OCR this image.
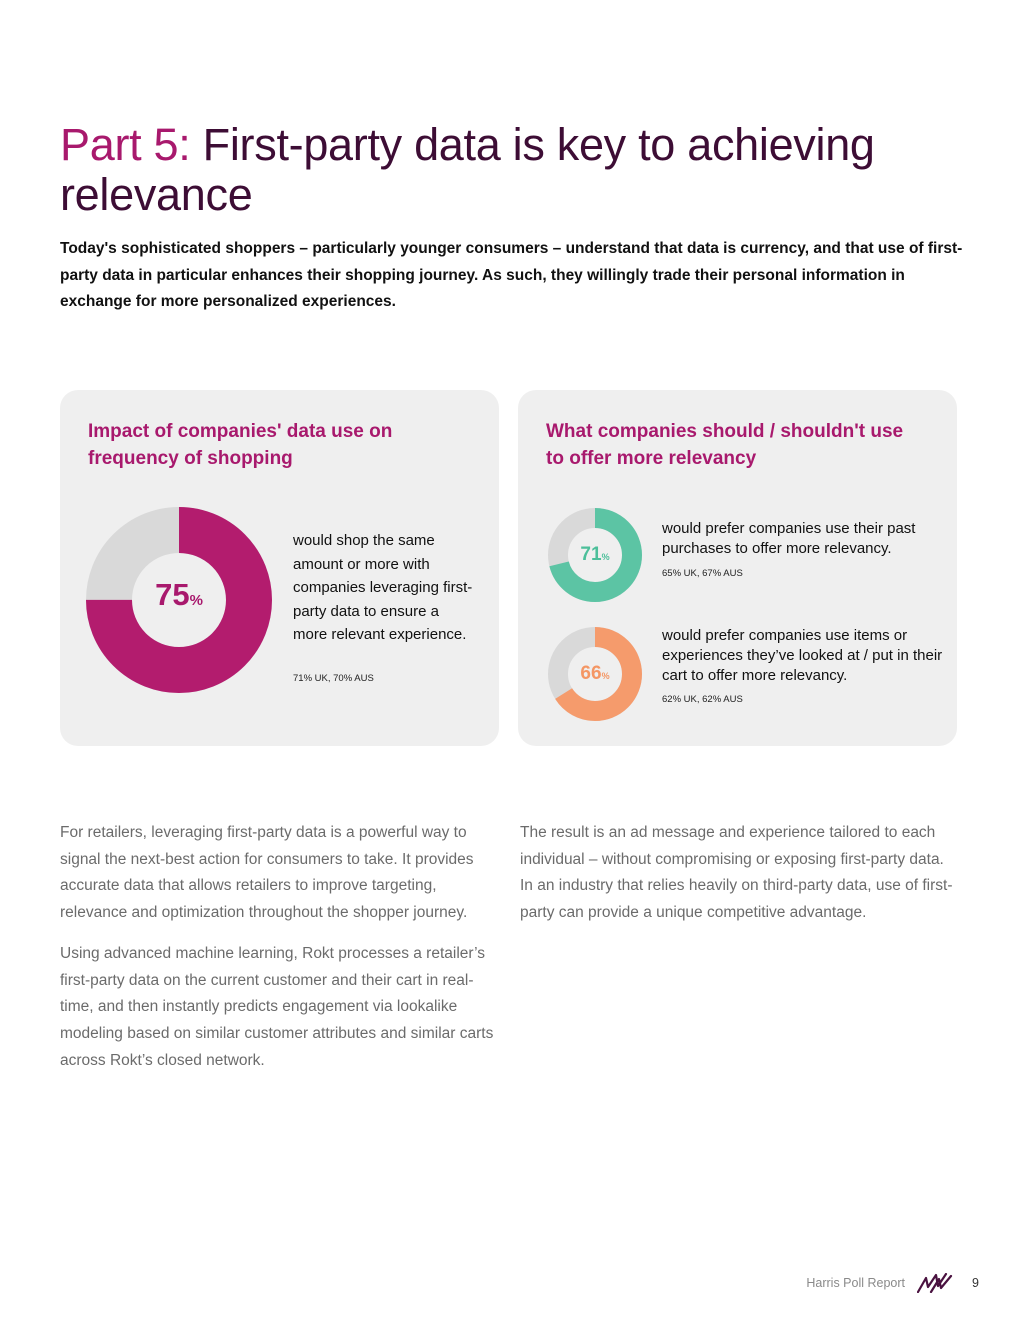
Part 5: First-party data is key to achieving relevance

Today's sophisticated shoppers – particularly younger consumers – understand that data is currency, and that use of first-party data in particular enhances their shopping journey. As such, they willingly trade their personal information in exchange for more personalized experiences.

Impact of companies' data use on frequency of shopping
75%

would shop the same amount or more with companies leveraging first-party data to ensure a more relevant experience.

71% UK, 70% AUS
What companies should / shouldn't use to offer more relevancy
71%

would prefer companies use their past purchases to offer more relevancy.

65% UK, 67% AUS
66%

would prefer companies use items or experiences they’ve looked at / put in their cart to offer more relevancy.

62% UK, 62% AUS

For retailers, leveraging first-party data is a powerful way to signal the next-best action for consumers to take. It provides accurate data that allows retailers to improve targeting, relevance and optimization throughout the shopper journey.

Using advanced machine learning, Rokt processes a retailer’s first-party data on the current customer and their cart in real-time, and then instantly predicts engagement via lookalike modeling based on similar customer attributes and similar carts across Rokt’s closed network.

The result is an ad message and experience tailored to each individual – without compromising or exposing first-party data. In an industry that relies heavily on third-party data, use of first-party can provide a unique competitive advantage.

Harris Poll Report	9
